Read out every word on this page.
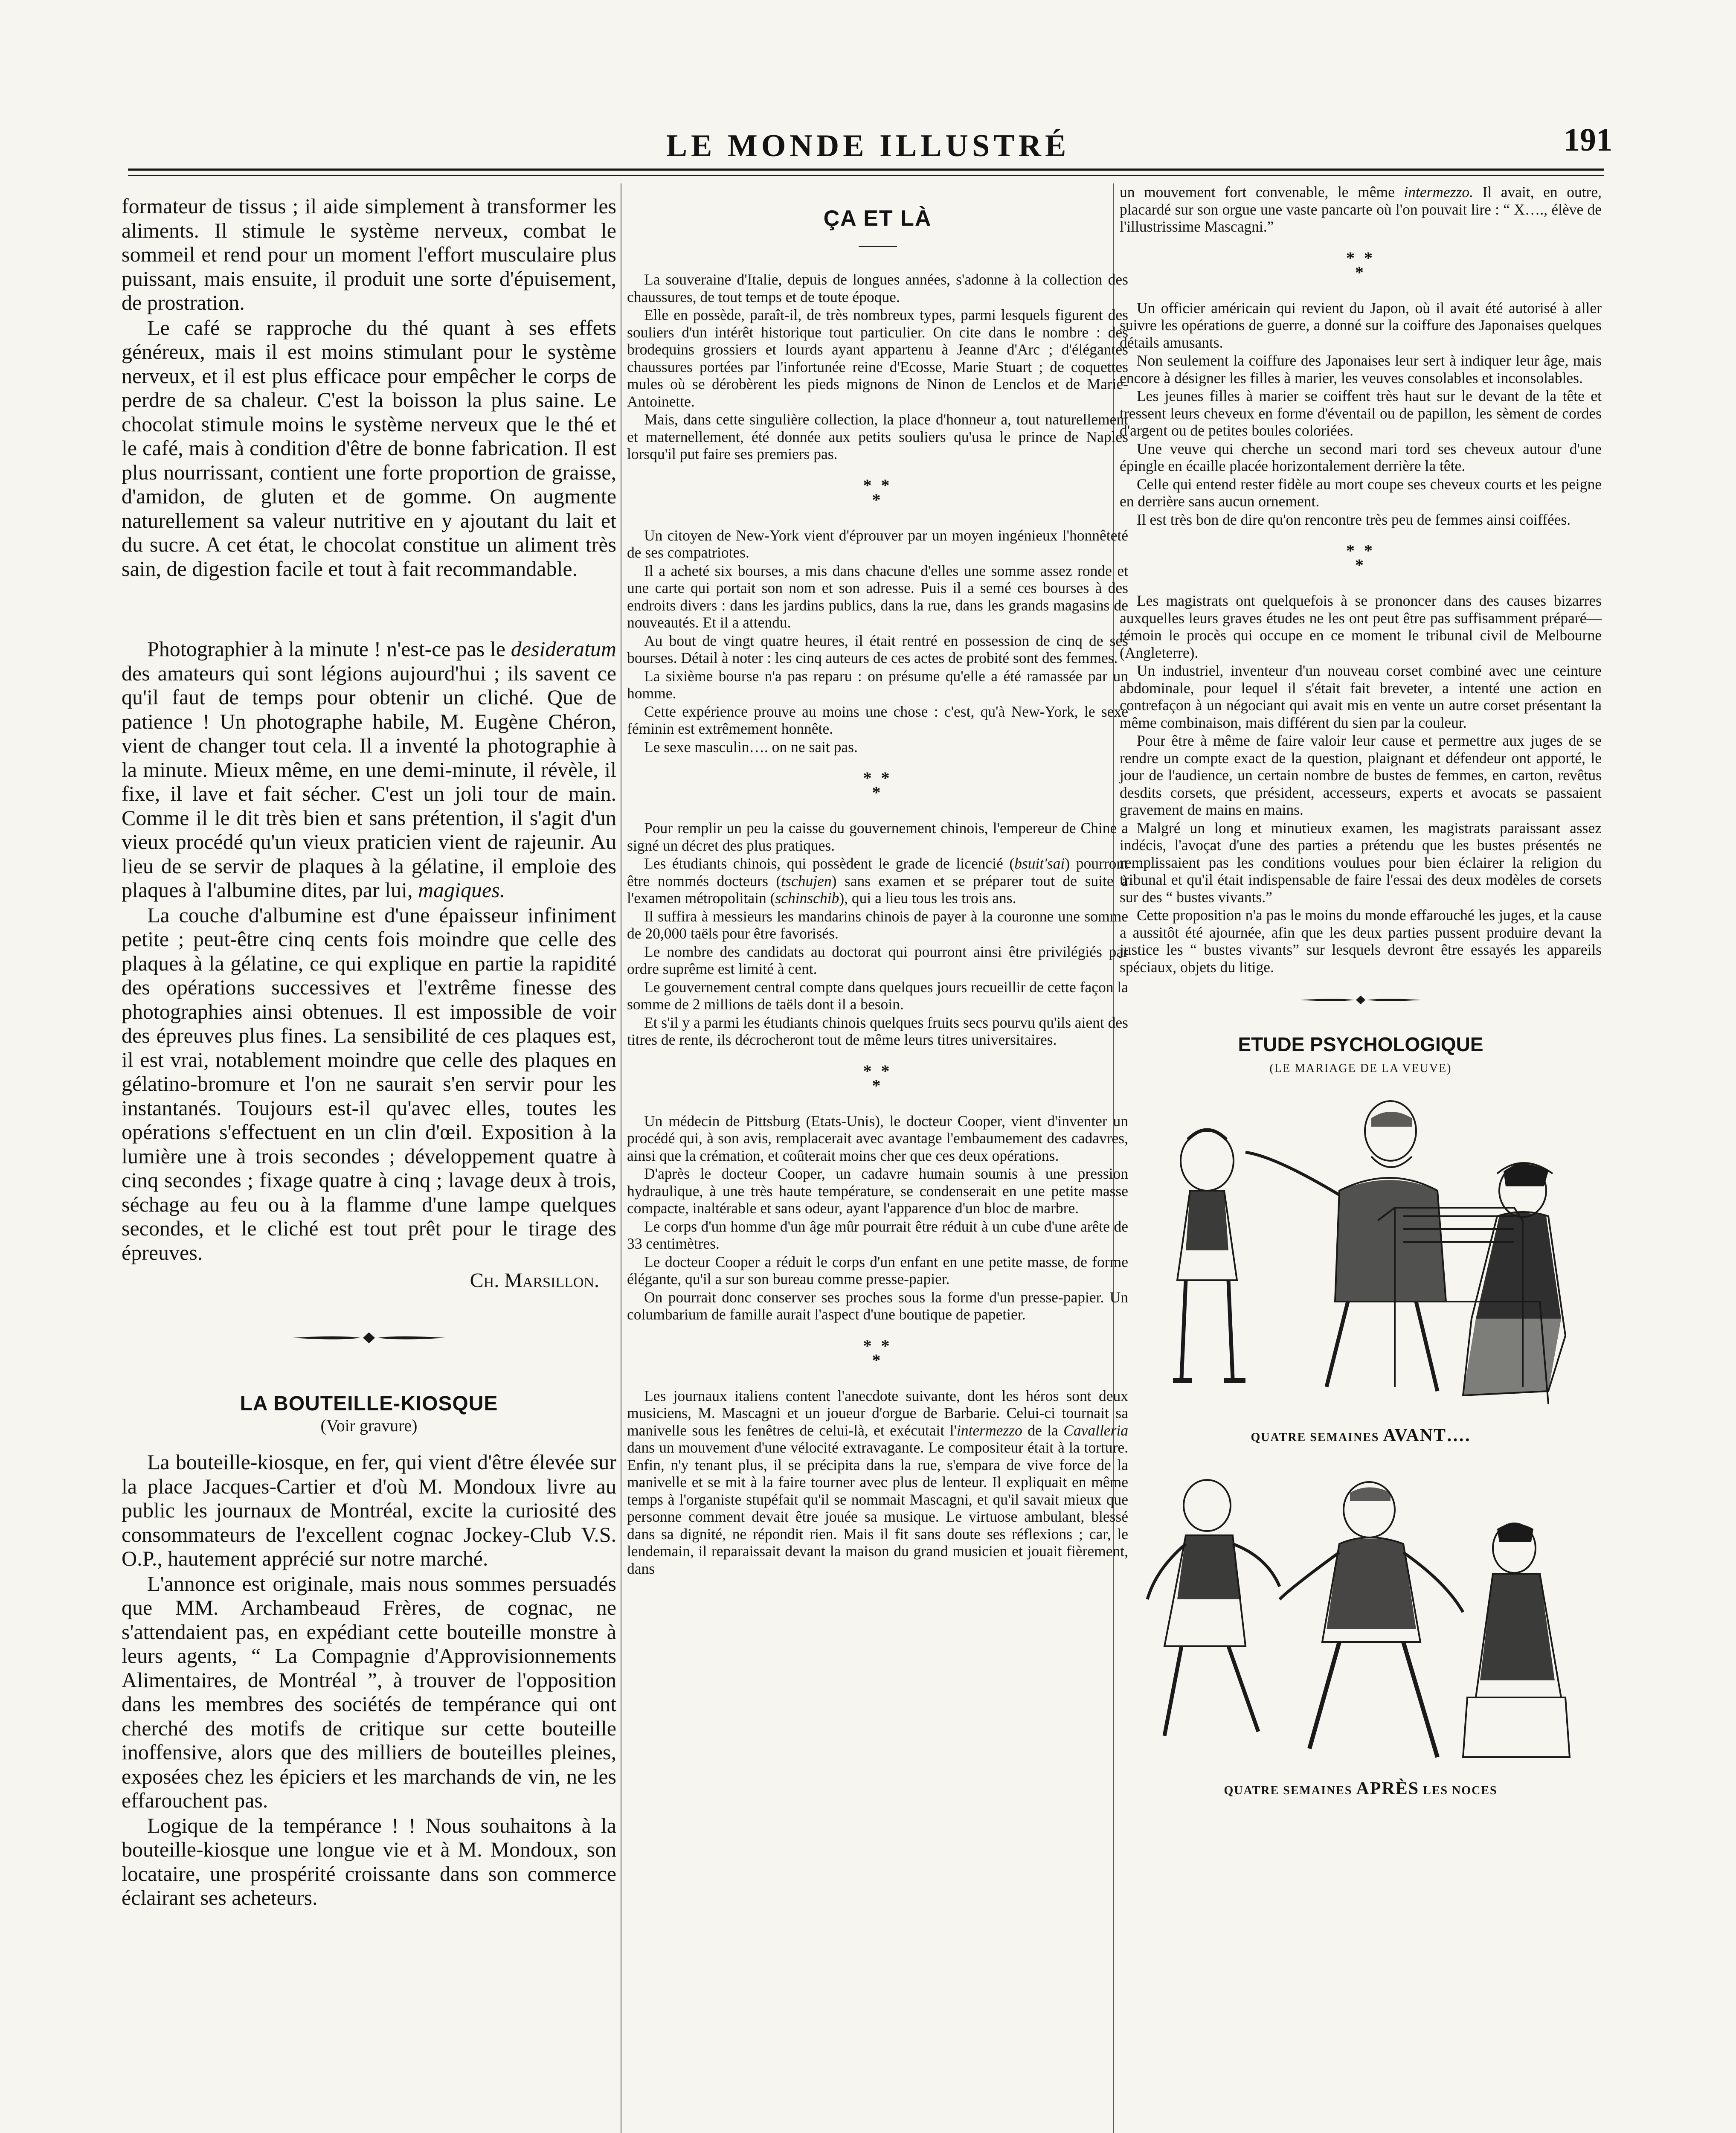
LE MONDE ILLUSTRÉ	191

formateur de tissus ; il aide simplement à transformer les aliments. Il stimule le système nerveux, combat le sommeil et rend pour un moment l'effort musculaire plus puissant, mais ensuite, il produit une sorte d'épuisement, de prostration.

Le café se rapproche du thé quant à ses effets généreux, mais il est moins stimulant pour le système nerveux, et il est plus efficace pour empêcher le corps de perdre de sa chaleur. C'est la boisson la plus saine. Le chocolat stimule moins le système nerveux que le thé et le café, mais à condition d'être de bonne fabrication. Il est plus nourrissant, contient une forte proportion de graisse, d'amidon, de gluten et de gomme. On augmente naturellement sa valeur nutritive en y ajoutant du lait et du sucre. A cet état, le chocolat constitue un aliment très sain, de digestion facile et tout à fait recommandable.

Photographier à la minute ! n'est-ce pas le desideratum des amateurs qui sont légions aujourd'hui ; ils savent ce qu'il faut de temps pour obtenir un cliché. Que de patience ! Un photographe habile, M. Eugène Chéron, vient de changer tout cela. Il a inventé la photographie à la minute. Mieux même, en une demi-minute, il révèle, il fixe, il lave et fait sécher. C'est un joli tour de main. Comme il le dit très bien et sans prétention, il s'agit d'un vieux procédé qu'un vieux praticien vient de rajeunir. Au lieu de se servir de plaques à la gélatine, il emploie des plaques à l'albumine dites, par lui, magiques.

La couche d'albumine est d'une épaisseur infiniment petite ; peut-être cinq cents fois moindre que celle des plaques à la gélatine, ce qui explique en partie la rapidité des opérations successives et l'extrême finesse des photographies ainsi obtenues. Il est impossible de voir des épreuves plus fines. La sensibilité de ces plaques est, il est vrai, notablement moindre que celle des plaques en gélatino-bromure et l'on ne saurait s'en servir pour les instantanés. Toujours est-il qu'avec elles, toutes les opérations s'effectuent en un clin d'œil. Exposition à la lumière une à trois secondes ; développement quatre à cinq secondes ; fixage quatre à cinq ; lavage deux à trois, séchage au feu ou à la flamme d'une lampe quelques secondes, et le cliché est tout prêt pour le tirage des épreuves.

Ch. Marsillon.
LA BOUTEILLE-KIOSQUE
(Voir gravure)

La bouteille-kiosque, en fer, qui vient d'être élevée sur la place Jacques-Cartier et d'où M. Mondoux livre au public les journaux de Montréal, excite la curiosité des consommateurs de l'excellent cognac Jockey-Club V.S. O.P., hautement apprécié sur notre marché.

L'annonce est originale, mais nous sommes persuadés que MM. Archambeaud Frères, de cognac, ne s'attendaient pas, en expédiant cette bouteille monstre à leurs agents, “ La Compagnie d'Approvisionnements Alimentaires, de Montréal ”, à trouver de l'opposition dans les membres des sociétés de tempérance qui ont cherché des motifs de critique sur cette bouteille inoffensive, alors que des milliers de bouteilles pleines, exposées chez les épiciers et les marchands de vin, ne les effarouchent pas.

Logique de la tempérance ! ! Nous souhaitons à la bouteille-kiosque une longue vie et à M. Mondoux, son locataire, une prospérité croissante dans son commerce éclairant ses acheteurs.

ÇA ET LÀ

La souveraine d'Italie, depuis de longues années, s'adonne à la collection des chaussures, de tout temps et de toute époque.

Elle en possède, paraît-il, de très nombreux types, parmi lesquels figurent des souliers d'un intérêt historique tout particulier. On cite dans le nombre : des brodequins grossiers et lourds ayant appartenu à Jeanne d'Arc ; d'élégantes chaussures portées par l'infortunée reine d'Ecosse, Marie Stuart ; de coquettes mules où se dérobèrent les pieds mignons de Ninon de Lenclos et de Marie-Antoinette.

Mais, dans cette singulière collection, la place d'honneur a, tout naturellement et maternellement, été donnée aux petits souliers qu'usa le prince de Naples lorsqu'il put faire ses premiers pas.

* *
*

Un citoyen de New-York vient d'éprouver par un moyen ingénieux l'honnêteté de ses compatriotes.

Il a acheté six bourses, a mis dans chacune d'elles une somme assez ronde et une carte qui portait son nom et son adresse. Puis il a semé ces bourses à des endroits divers : dans les jardins publics, dans la rue, dans les grands magasins de nouveautés. Et il a attendu.

Au bout de vingt quatre heures, il était rentré en possession de cinq de ses bourses. Détail à noter : les cinq auteurs de ces actes de probité sont des femmes.

La sixième bourse n'a pas reparu : on présume qu'elle a été ramassée par un homme.

Cette expérience prouve au moins une chose : c'est, qu'à New-York, le sexe féminin est extrêmement honnête.

Le sexe masculin…. on ne sait pas.

* *
*

Pour remplir un peu la caisse du gouvernement chinois, l'empereur de Chine a signé un décret des plus pratiques.

Les étudiants chinois, qui possèdent le grade de licencié (bsuit'sai) pourront être nommés docteurs (tschujen) sans examen et se préparer tout de suite à l'examen métropolitain (schinschib), qui a lieu tous les trois ans.

Il suffira à messieurs les mandarins chinois de payer à la couronne une somme de 20,000 taëls pour être favorisés.

Le nombre des candidats au doctorat qui pourront ainsi être privilégiés par ordre suprême est limité à cent.

Le gouvernement central compte dans quelques jours recueillir de cette façon la somme de 2 millions de taëls dont il a besoin.

Et s'il y a parmi les étudiants chinois quelques fruits secs pourvu qu'ils aient des titres de rente, ils décrocheront tout de même leurs titres universitaires.

* *
*

Un médecin de Pittsburg (Etats-Unis), le docteur Cooper, vient d'inventer un procédé qui, à son avis, remplacerait avec avantage l'embaumement des cadavres, ainsi que la crémation, et coûterait moins cher que ces deux opérations.

D'après le docteur Cooper, un cadavre humain soumis à une pression hydraulique, à une très haute température, se condenserait en une petite masse compacte, inaltérable et sans odeur, ayant l'apparence d'un bloc de marbre.

Le corps d'un homme d'un âge mûr pourrait être réduit à un cube d'une arête de 33 centimètres.

Le docteur Cooper a réduit le corps d'un enfant en une petite masse, de forme élégante, qu'il a sur son bureau comme presse-papier.

On pourrait donc conserver ses proches sous la forme d'un presse-papier. Un columbarium de famille aurait l'aspect d'une boutique de papetier.

* *
*

Les journaux italiens content l'anecdote suivante, dont les héros sont deux musiciens, M. Mascagni et un joueur d'orgue de Barbarie. Celui-ci tournait sa manivelle sous les fenêtres de celui-là, et exécutait l'intermezzo de la Cavalleria dans un mouvement d'une vélocité extravagante. Le compositeur était à la torture. Enfin, n'y tenant plus, il se précipita dans la rue, s'empara de vive force de la manivelle et se mit à la faire tourner avec plus de lenteur. Il expliquait en même temps à l'organiste stupéfait qu'il se nommait Mascagni, et qu'il savait mieux que personne comment devait être jouée sa musique. Le virtuose ambulant, blessé dans sa dignité, ne répondit rien. Mais il fit sans doute ses réflexions ; car, le lendemain, il reparaissait devant la maison du grand musicien et jouait fièrement, dans

un mouvement fort convenable, le même intermezzo. Il avait, en outre, placardé sur son orgue une vaste pancarte où l'on pouvait lire : “ X…., élève de l'illustrissime Mascagni.”

* *
*

Un officier américain qui revient du Japon, où il avait été autorisé à aller suivre les opérations de guerre, a donné sur la coiffure des Japonaises quelques détails amusants.

Non seulement la coiffure des Japonaises leur sert à indiquer leur âge, mais encore à désigner les filles à marier, les veuves consolables et inconsolables.

Les jeunes filles à marier se coiffent très haut sur le devant de la tête et tressent leurs cheveux en forme d'éventail ou de papillon, les sèment de cordes d'argent ou de petites boules coloriées.

Une veuve qui cherche un second mari tord ses cheveux autour d'une épingle en écaille placée horizontalement derrière la tête.

Celle qui entend rester fidèle au mort coupe ses cheveux courts et les peigne en derrière sans aucun ornement.

Il est très bon de dire qu'on rencontre très peu de femmes ainsi coiffées.

* *
*

Les magistrats ont quelquefois à se prononcer dans des causes bizarres auxquelles leurs graves études ne les ont peut être pas suffisamment préparé—témoin le procès qui occupe en ce moment le tribunal civil de Melbourne (Angleterre).

Un industriel, inventeur d'un nouveau corset combiné avec une ceinture abdominale, pour lequel il s'était fait breveter, a intenté une action en contrefaçon à un négociant qui avait mis en vente un autre corset présentant la même combinaison, mais différent du sien par la couleur.

Pour être à même de faire valoir leur cause et permettre aux juges de se rendre un compte exact de la question, plaignant et défendeur ont apporté, le jour de l'audience, un certain nombre de bustes de femmes, en carton, revêtus desdits corsets, que président, accesseurs, experts et avocats se passaient gravement de mains en mains.

Malgré un long et minutieux examen, les magistrats paraissant assez indécis, l'avoçat d'une des parties a prétendu que les bustes présentés ne remplissaient pas les conditions voulues pour bien éclairer la religion du tribunal et qu'il était indispensable de faire l'essai des deux modèles de corsets sur des “ bustes vivants.”

Cette proposition n'a pas le moins du monde effarouché les juges, et la cause a aussitôt été ajournée, afin que les deux parties pussent produire devant la justice les “ bustes vivants” sur lesquels devront être essayés les appareils spéciaux, objets du litige.

ETUDE PSYCHOLOGIQUE
(LE MARIAGE DE LA VEUVE)
QUATRE SEMAINES AVANT….
QUATRE SEMAINES APRÈS LES NOCES
